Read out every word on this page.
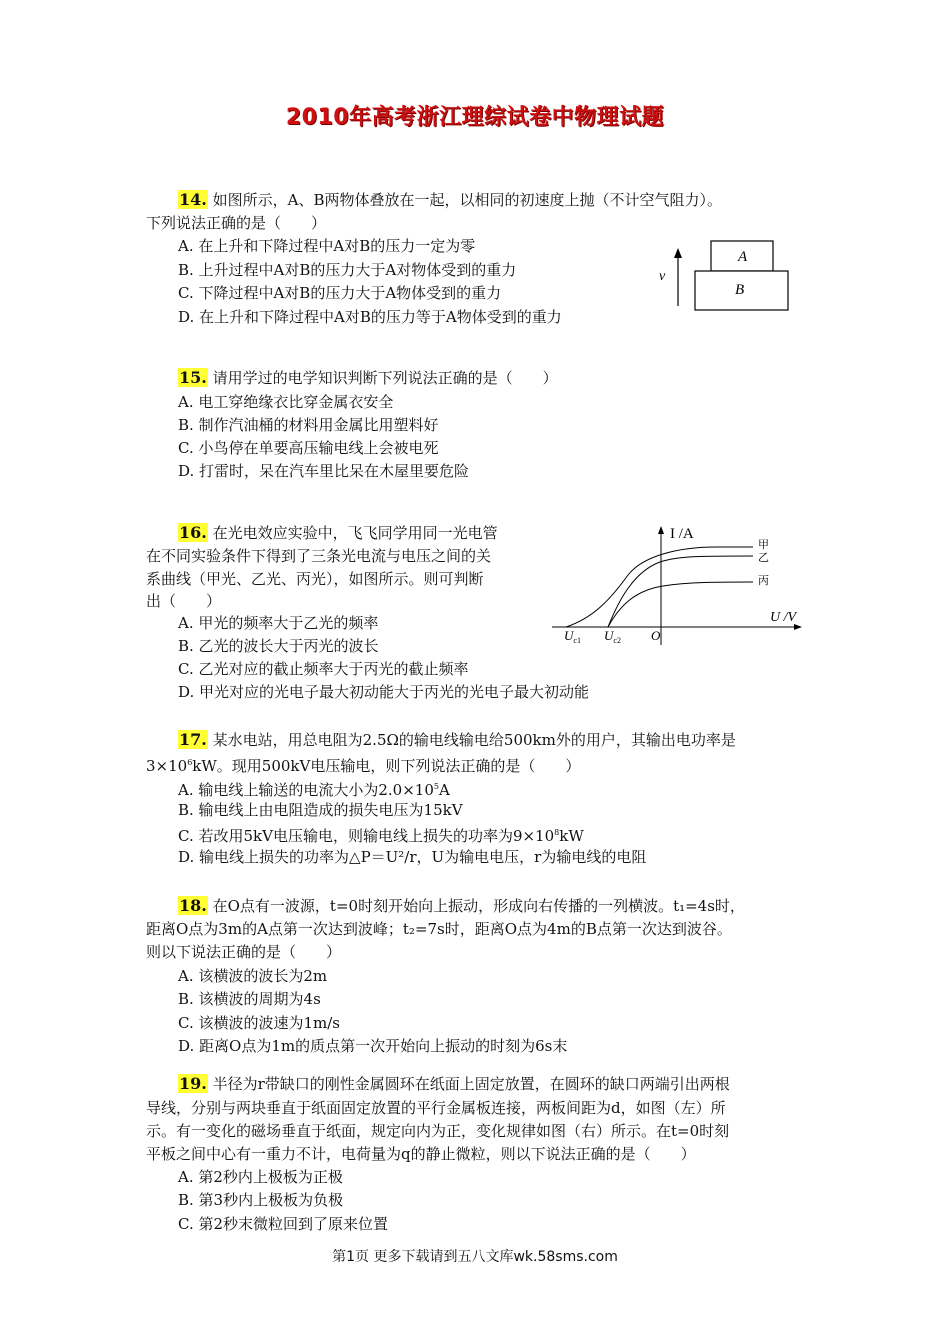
2010年高考浙江理综试卷中物理试题
14. 如图所示，A、B两物体叠放在一起，以相同的初速度上抛（不计空气阻力）。
下列说法正确的是（　　）
A. 在上升和下降过程中A对B的压力一定为零
B. 上升过程中A对B的压力大于A对物体受到的重力
C. 下降过程中A对B的压力大于A物体受到的重力
D. 在上升和下降过程中A对B的压力等于A物体受到的重力
A
B
v
15. 请用学过的电学知识判断下列说法正确的是（　　）
A. 电工穿绝缘衣比穿金属衣安全
B. 制作汽油桶的材料用金属比用塑料好
C. 小鸟停在单要高压输电线上会被电死
D. 打雷时，呆在汽车里比呆在木屋里要危险
16. 在光电效应实验中，飞飞同学用同一光电管
在不同实验条件下得到了三条光电流与电压之间的关
系曲线（甲光、乙光、丙光），如图所示。则可判断
出（　　）
A. 甲光的频率大于乙光的频率
B. 乙光的波长大于丙光的波长
C. 乙光对应的截止频率大于丙光的截止频率
D. 甲光对应的光电子最大初动能大于丙光的光电子最大初动能
I /A
U /V
O
甲
乙
丙
$U_{c1}$ $U_{c2}$
17. 某水电站，用总电阻为2.5Ω的输电线输电给500km外的用户，其输出电功率是
$3\times 10^6kW$。现用500kV电压输电，则下列说法正确的是（　　）
A. 输电线上输送的电流大小为$2.0\times 10^5A$
B. 输电线上由电阻造成的损失电压为15kV
C. 若改用5kV电压输电，则输电线上损失的功率为$9\times 10^8kW$
D. 输电线上损失的功率为△P＝U²/r，U为输电电压，r为输电线的电阻
18. 在O点有一波源，t=0时刻开始向上振动，形成向右传播的一列横波。t₁=4s时，
距离O点为3m的A点第一次达到波峰；t₂=7s时，距离O点为4m的B点第一次达到波谷。
则以下说法正确的是（　　）
A. 该横波的波长为2m
B. 该横波的周期为4s
C. 该横波的波速为1m/s
D. 距离O点为1m的质点第一次开始向上振动的时刻为6s末
19. 半径为r带缺口的刚性金属圆环在纸面上固定放置，在圆环的缺口两端引出两根
导线，分别与两块垂直于纸面固定放置的平行金属板连接，两板间距为d，如图（左）所
示。有一变化的磁场垂直于纸面，规定向内为正，变化规律如图（右）所示。在t=0时刻
平板之间中心有一重力不计，电荷量为q的静止微粒，则以下说法正确的是（　　）
A. 第2秒内上极板为正极
B. 第3秒内上极板为负极
C. 第2秒末微粒回到了原来位置
第1页 更多下载请到五八文库wk.58sms.com
